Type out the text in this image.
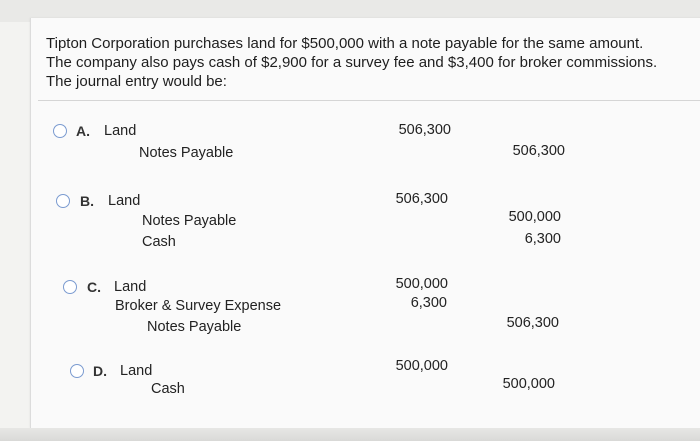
Tipton Corporation purchases land for $500,000 with a note payable for the same amount.
The company also pays cash of $2,900 for a survey fee and $3,400 for broker commissions.
The journal entry would be:
A. Land
Notes Payable
506,300
506,300
B. Land
Notes Payable
Cash
506,300
500,000
6,300
C. Land
Broker & Survey Expense
Notes Payable
500,000
6,300
506,300
D. Land
Cash
500,000
500,000
